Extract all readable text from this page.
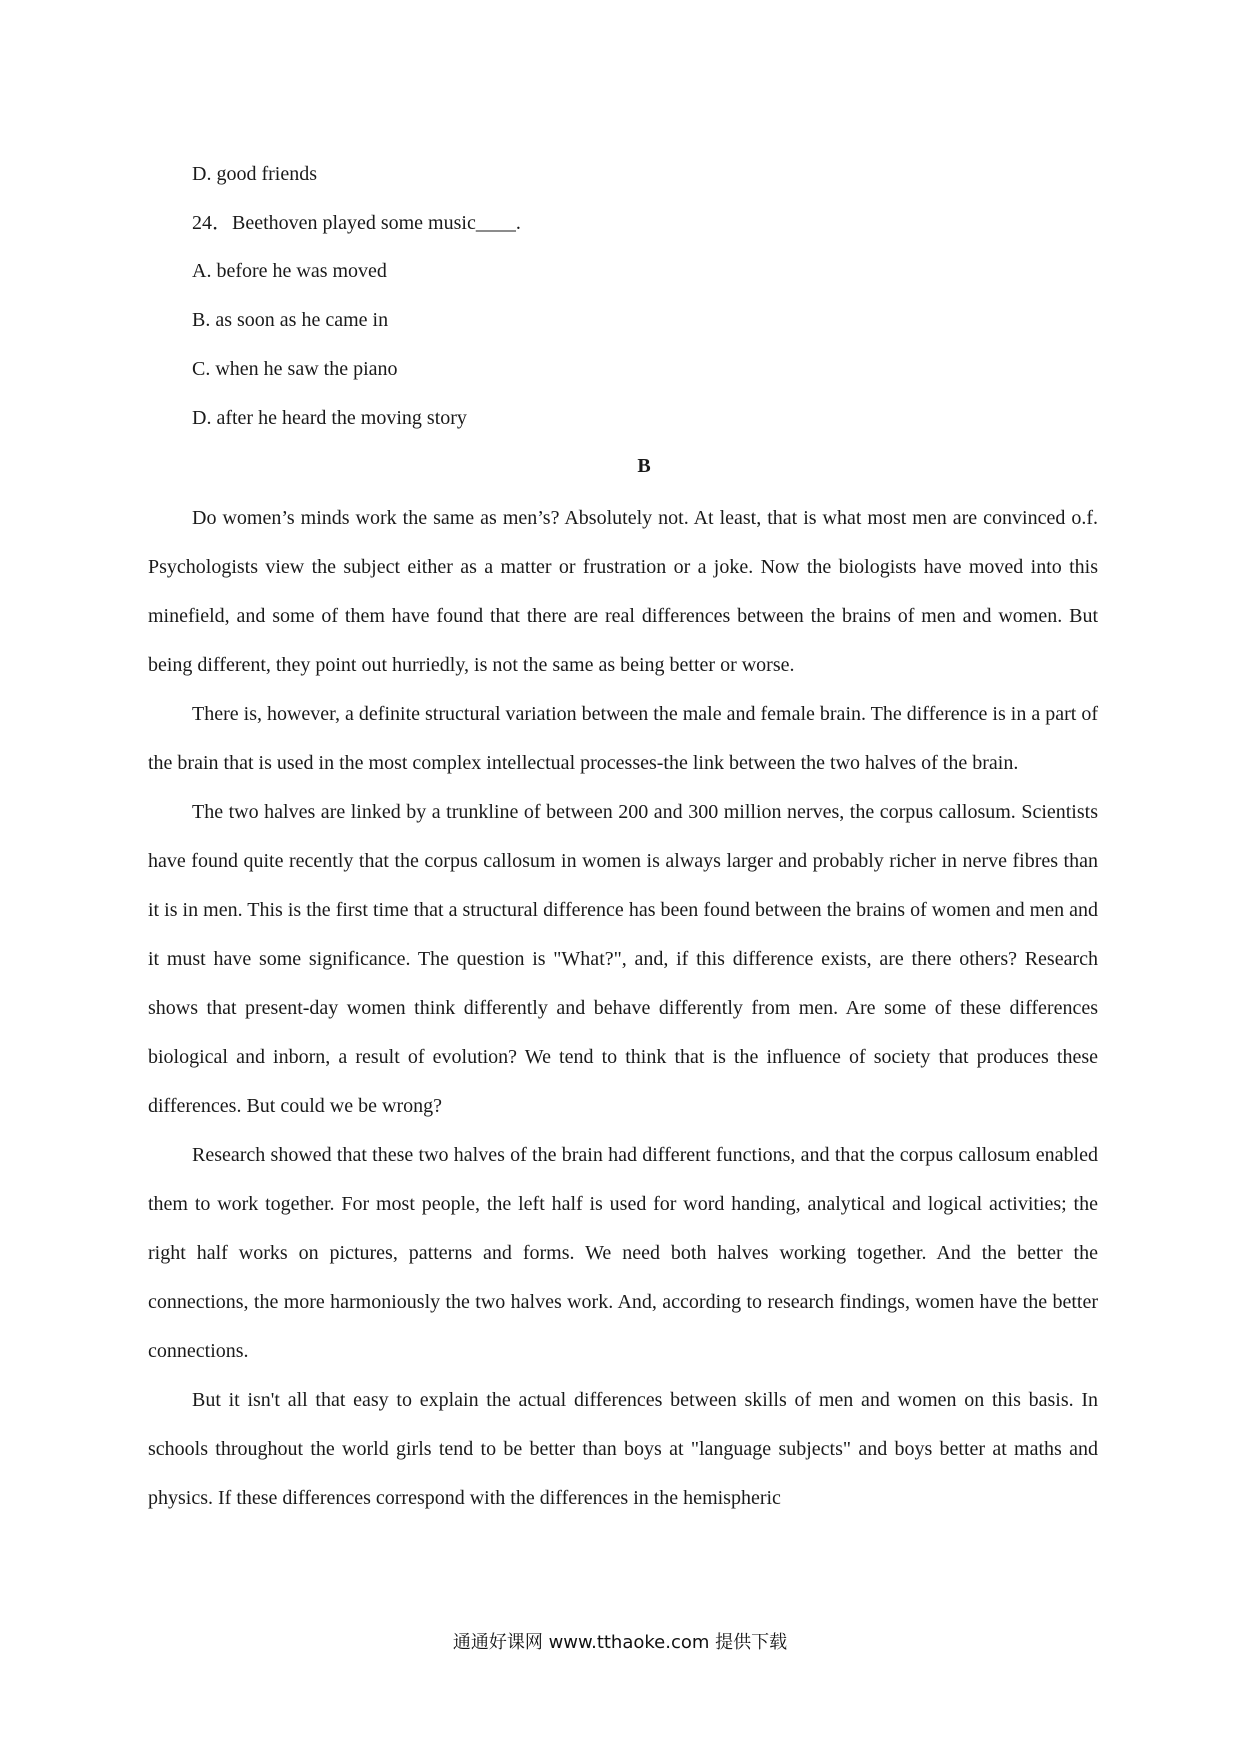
D. good friends
24．Beethoven played some music____.
A. before he was moved
B. as soon as he came in
C. when he saw the piano
D. after he heard the moving story
B

Do women’s minds work the same as men’s? Absolutely not. At least, that is what most men are convinced o.f. Psychologists view the subject either as a matter or frustration or a joke. Now the biologists have moved into this minefield, and some of them have found that there are real differences between the brains of men and women. But being different, they point out hurriedly, is not the same as being better or worse.

There is, however, a definite structural variation between the male and female brain. The difference is in a part of the brain that is used in the most complex intellectual processes-the link between the two halves of the brain.

The two halves are linked by a trunkline of between 200 and 300 million nerves, the corpus callosum. Scientists have found quite recently that the corpus callosum in women is always larger and probably richer in nerve fibres than it is in men. This is the first time that a structural difference has been found between the brains of women and men and it must have some significance. The question is "What?", and, if this difference exists, are there others? Research shows that present-day women think differently and behave differently from men. Are some of these differences biological and inborn, a result of evolution? We tend to think that is the influence of society that produces these differences. But could we be wrong?

Research showed that these two halves of the brain had different functions, and that the corpus callosum enabled them to work together. For most people, the left half is used for word handing, analytical and logical activities; the right half works on pictures, patterns and forms. We need both halves working together. And the better the connections, the more harmoniously the two halves work. And, according to research findings, women have the better connections.

But it isn't all that easy to explain the actual differences between skills of men and women on this basis. In schools throughout the world girls tend to be better than boys at "language subjects" and boys better at maths and physics. If these differences correspond with the differences in the hemispheric

通通好课网 www.tthaoke.com 提供下载
